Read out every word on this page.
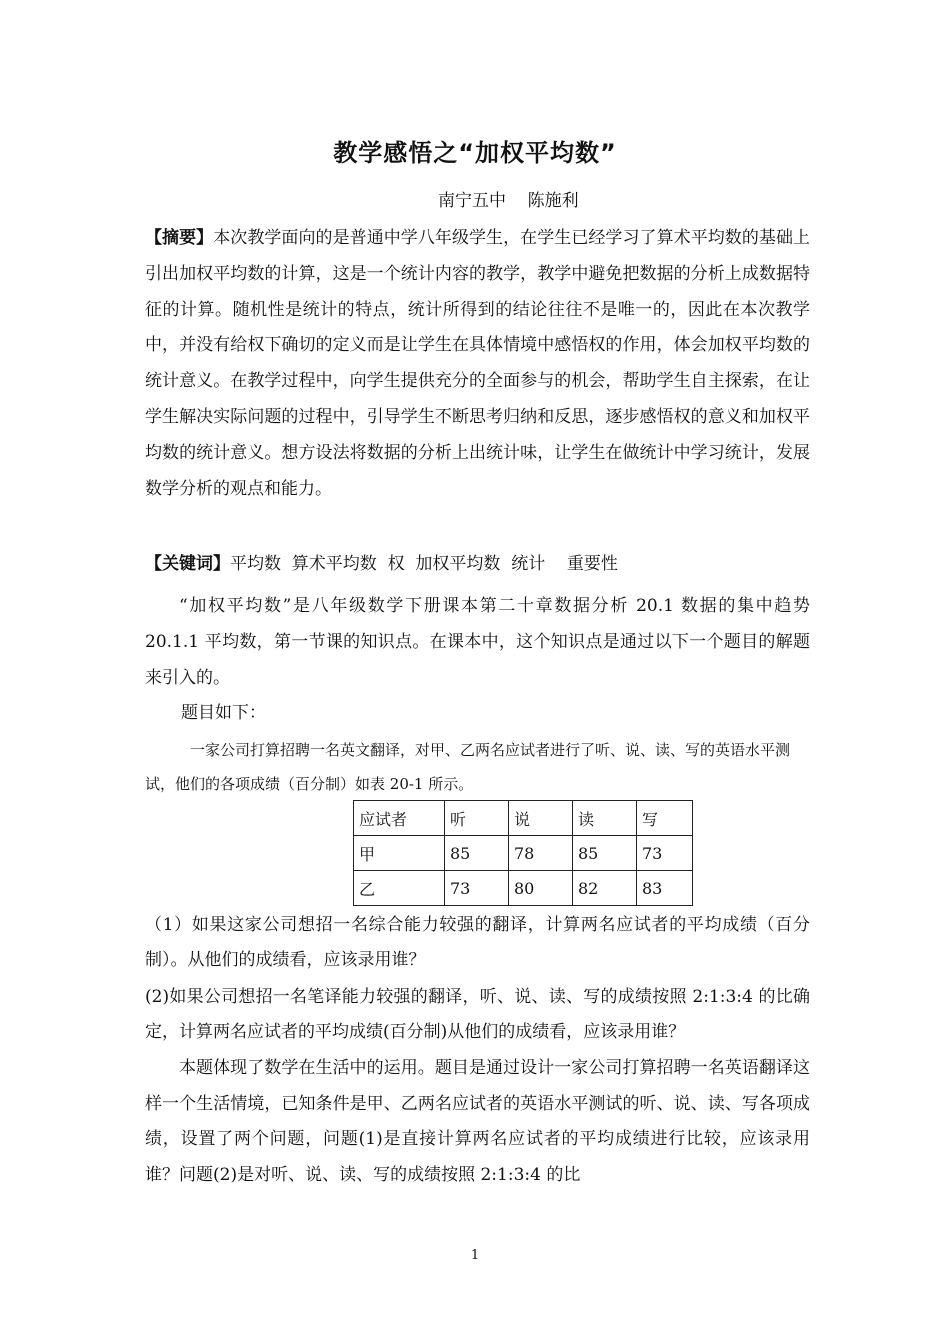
教学感悟之“加权平均数”
南宁五中    陈施利
【摘要】本次教学面向的是普通中学八年级学生，在学生已经学习了算术平均数的基础上引出加权平均数的计算，这是一个统计内容的教学，教学中避免把数据的分析上成数据特征的计算。随机性是统计的特点，统计所得到的结论往往不是唯一的，因此在本次教学中，并没有给权下确切的定义而是让学生在具体情境中感悟权的作用，体会加权平均数的统计意义。在教学过程中，向学生提供充分的全面参与的机会，帮助学生自主探索，在让学生解决实际问题的过程中，引导学生不断思考归纳和反思，逐步感悟权的意义和加权平均数的统计意义。想方设法将数据的分析上出统计味，让学生在做统计中学习统计，发展数学分析的观点和能力。
【关键词】平均数  算术平均数  权  加权平均数  统计    重要性
“加权平均数”是八年级数学下册课本第二十章数据分析 20.1 数据的集中趋势 20.1.1 平均数，第一节课的知识点。在课本中，这个知识点是通过以下一个题目的解题来引入的。
题目如下：
一家公司打算招聘一名英文翻译，对甲、乙两名应试者进行了听、说、读、写的英语水平测试，他们的各项成绩（百分制）如表 20-1 所示。
应试者	听	说	读	写
甲	85	78	85	73
乙	73	80	82	83
（1）如果这家公司想招一名综合能力较强的翻译，计算两名应试者的平均成绩（百分制）。从他们的成绩看，应该录用谁？
(2)如果公司想招一名笔译能力较强的翻译，听、说、读、写的成绩按照 2:1:3:4 的比确定，计算两名应试者的平均成绩(百分制)从他们的成绩看，应该录用谁？
本题体现了数学在生活中的运用。题目是通过设计一家公司打算招聘一名英语翻译这样一个生活情境，已知条件是甲、乙两名应试者的英语水平测试的听、说、读、写各项成绩，设置了两个问题，问题(1)是直接计算两名应试者的平均成绩进行比较，应该录用谁？问题(2)是对听、说、读、写的成绩按照 2:1:3:4 的比
1
